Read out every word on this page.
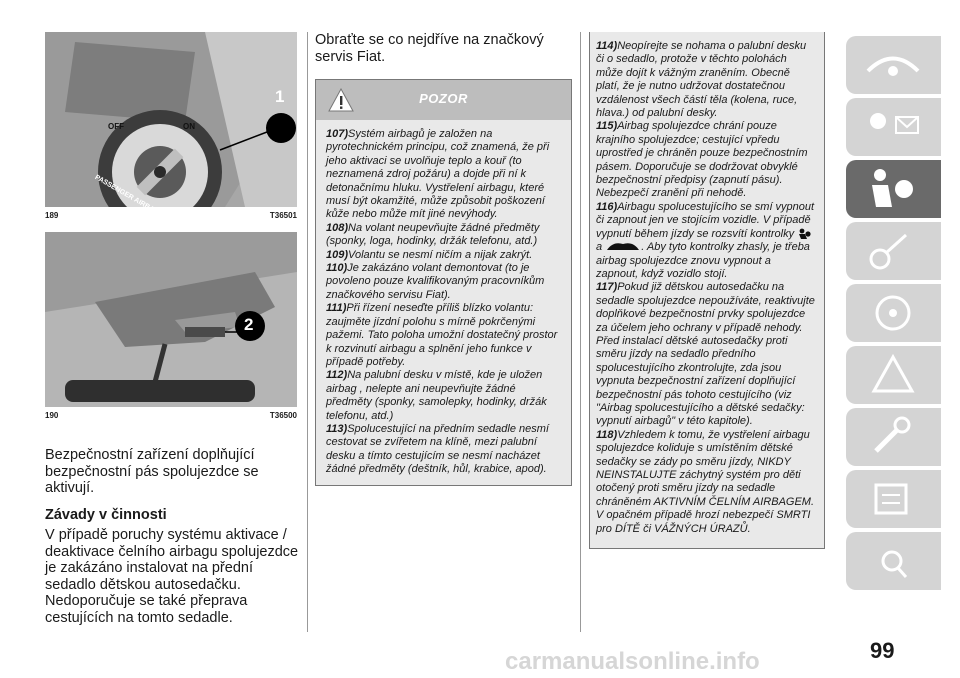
OFF	ON
PASSENGER AIRBAG
1
189	T36501
2
190	T36500

Bezpečnostní zařízení doplňující bezpečnostní pás spolujezdce se aktivují.

Závady v činnosti

V případě poruchy systému aktivace / deaktivace čelního airbagu spolujezdce je zakázáno instalovat na přední sedadlo dětskou autosedačku. Nedoporučuje se také přeprava cestujících na tomto sedadle.

Obraťte se co nejdříve na značkový servis Fiat.

POZOR

107)Systém airbagů je založen na pyrotechnickém principu, což znamená, že při jeho aktivaci se uvolňuje teplo a kouř (to neznamená zdroj požáru) a dojde při ní k detonačnímu hluku. Vystřelení airbagu, které musí být okamžité, může způsobit poškození kůže nebo může mít jiné nevýhody.

108)Na volant neupevňujte žádné předměty (sponky, loga, hodinky, držák telefonu, atd.)

109)Volantu se nesmí ničím a nijak zakrýt.

110)Je zakázáno volant demontovat (to je povoleno pouze kvalifikovaným pracovníkům značkového servisu Fiat).

111)Při řízení neseďte příliš blízko volantu: zaujměte jízdní polohu s mírně pokrčenými pažemi. Tato poloha umožní dostatečný prostor k rozvinutí airbagu a splnění jeho funkce v případě potřeby.

112)Na palubní desku v místě, kde je uložen airbag , nelepte ani neupevňujte žádné předměty (sponky, samolepky, hodinky, držák telefonu, atd.)

113)Spolucestující na předním sedadle nesmí cestovat se zvířetem na klíně, mezi palubní desku a tímto cestujícím se nesmí nacházet žádné předměty (deštník, hůl, krabice, apod).

114)Neopírejte se nohama o palubní desku či o sedadlo, protože v těchto polohách může dojít k vážným zraněním. Obecně platí, že je nutno udržovat dostatečnou vzdálenost všech částí těla (kolena, ruce, hlava.) od palubní desky.

115)Airbag spolujezdce chrání pouze krajního spolujezdce; cestující vpředu uprostřed je chráněn pouze bezpečnostním pásem. Doporučuje se dodržovat obvyklé bezpečnostní předpisy (zapnutí pásu). Nebezpečí zranění při nehodě.

116)Airbagu spolucestujícího se smí vypnout či zapnout jen ve stojícím vozidle. V případě vypnutí během jízdy se rozsvítí kontrolky  a	. Aby tyto kontrolky zhasly, je třeba airbag spolujezdce znovu vypnout a zapnout, když vozidlo stojí.

117)Pokud již dětskou autosedačku na sedadle spolujezdce nepoužíváte, reaktivujte doplňkové bezpečnostní prvky spolujezdce za účelem jeho ochrany v případě nehody. Před instalací dětské autosedačky proti směru jízdy na sedadlo předního spolucestujícího zkontrolujte, zda jsou vypnuta bezpečnostní zařízení doplňující bezpečnostní pás tohoto cestujícího (viz "Airbag spolucestujícího a dětské sedačky: vypnutí airbagů" v této kapitole).

118)Vzhledem k tomu, že vystřelení airbagu spolujezdce koliduje s umístěním dětské sedačky se zády po směru jízdy, NIKDY NEINSTALUJTE záchytný systém pro děti otočený proti směru jízdy na sedadle chráněném AKTIVNÍM ČELNÍM AIRBAGEM. V opačném případě hrozí nebezpečí SMRTI pro DÍTĚ či VÁŽNÝCH ÚRAZŮ.

carmanualsonline.info	99
